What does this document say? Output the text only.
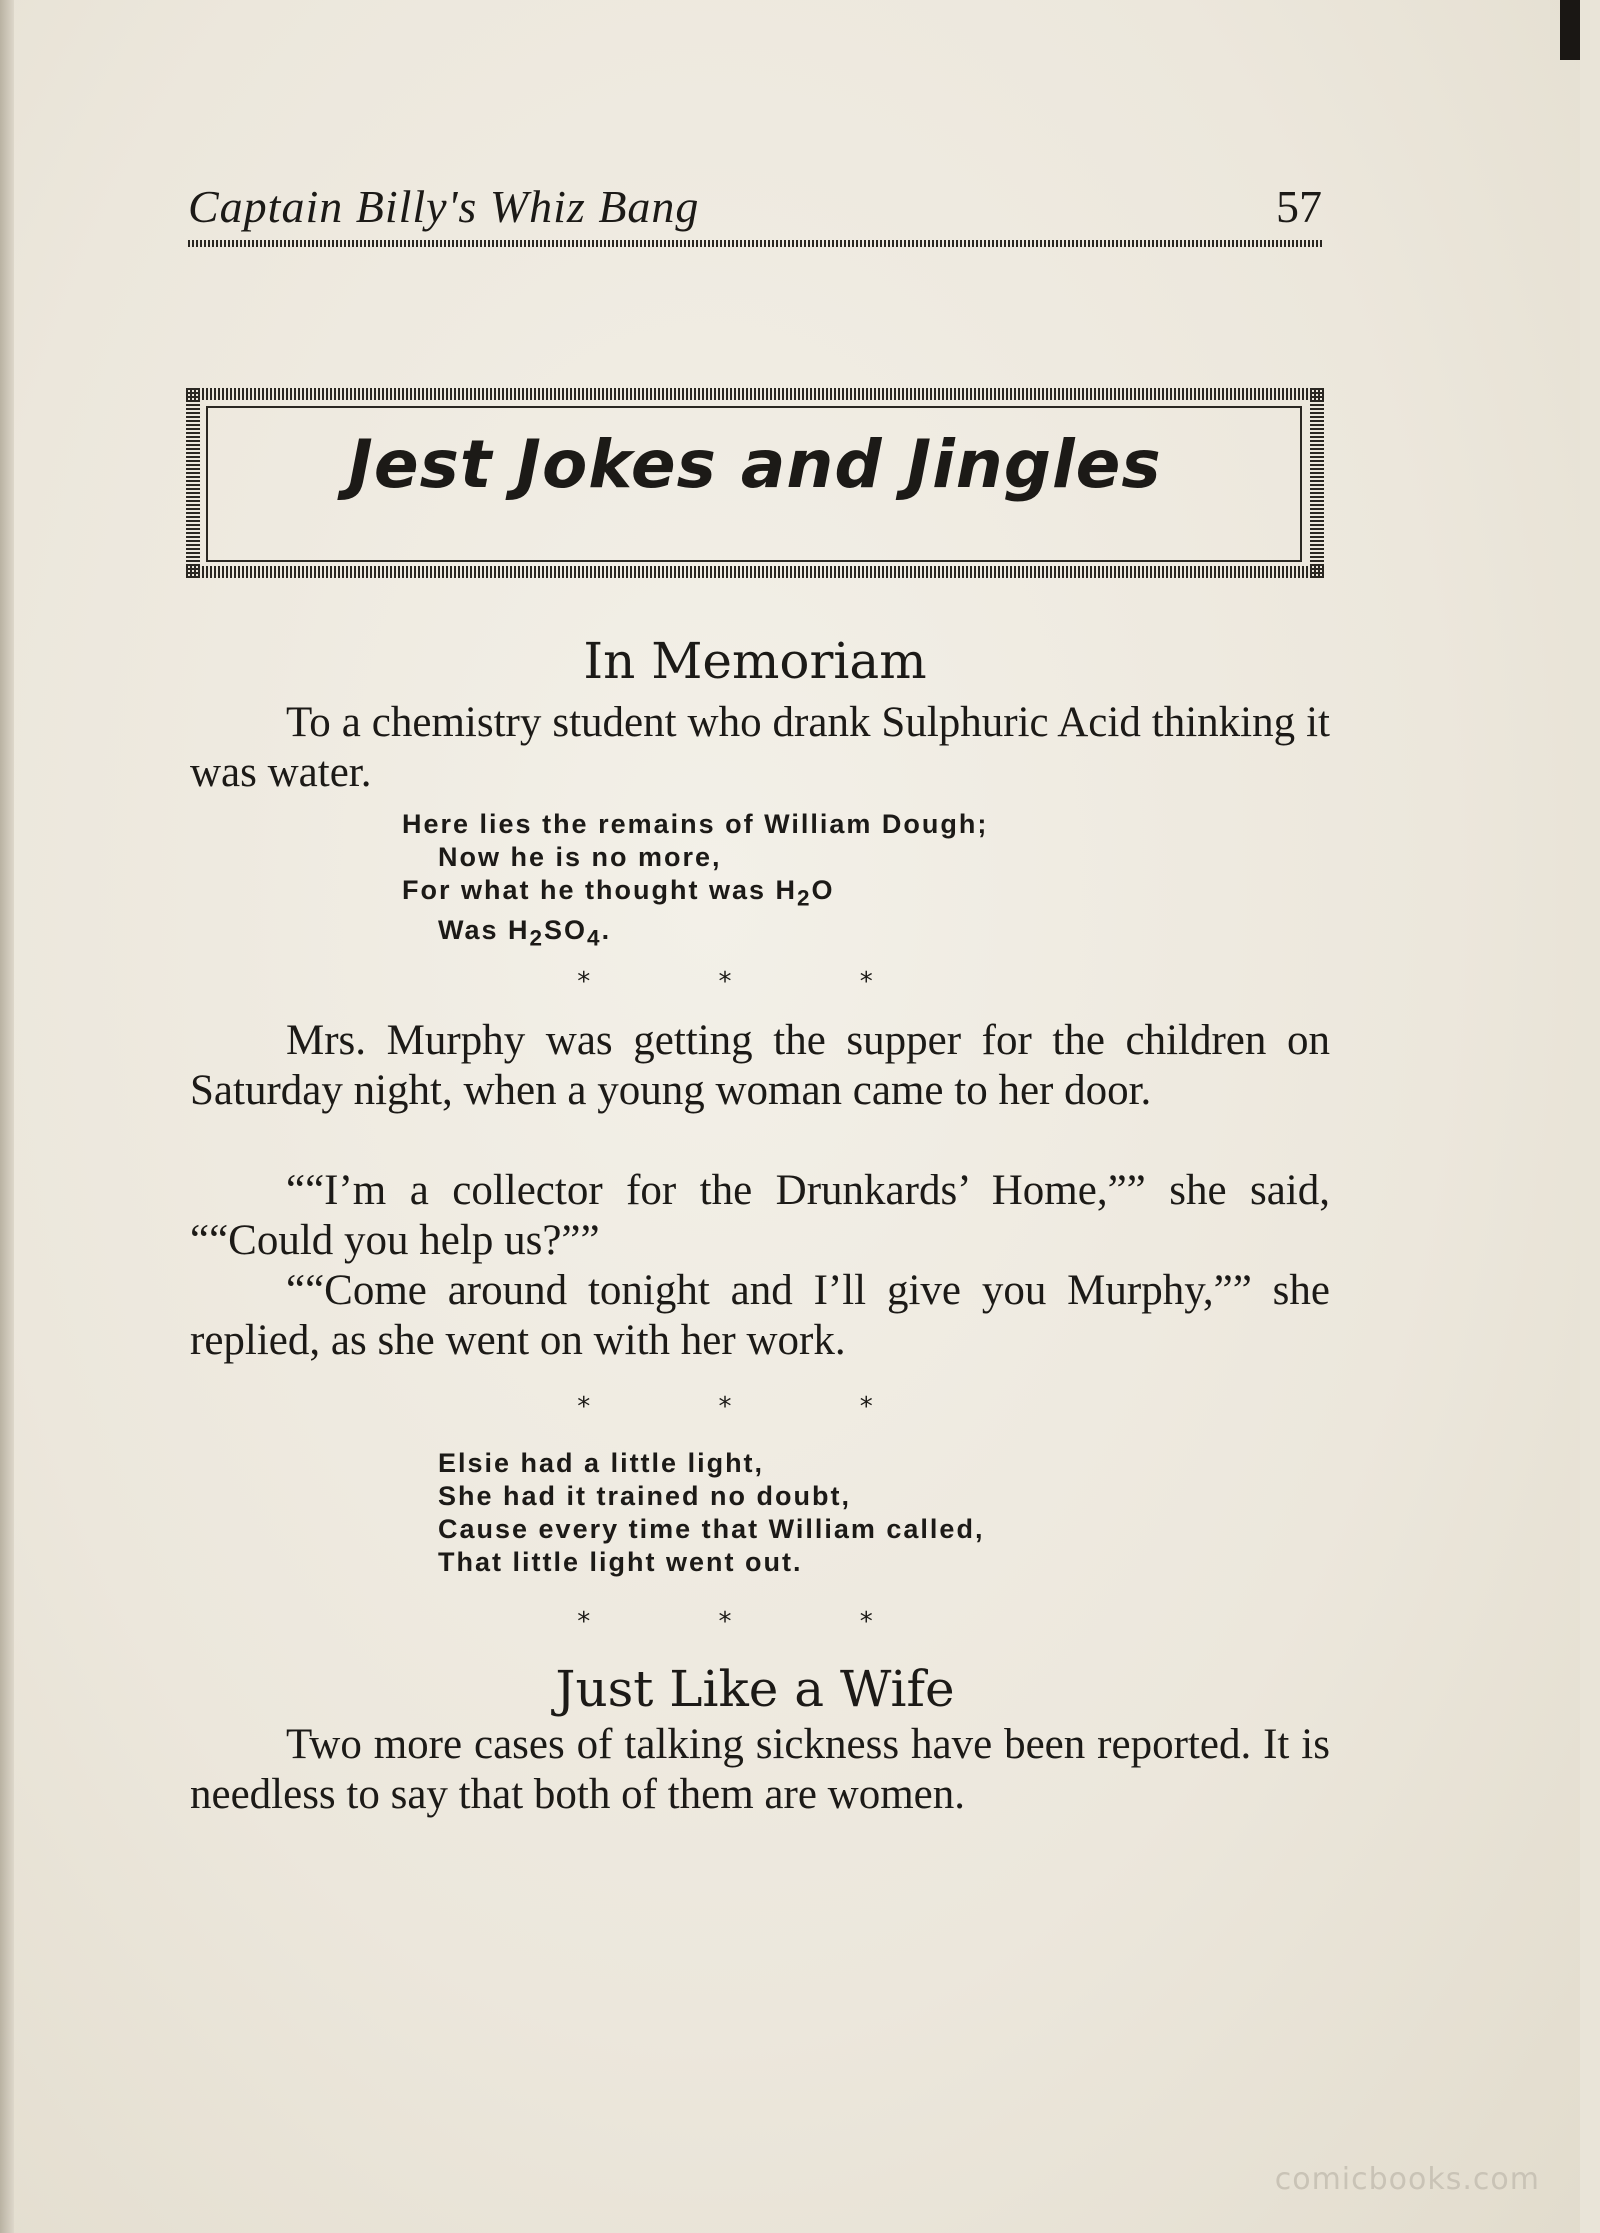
Captain Billy's Whiz Bang	57
Jest Jokes and Jingles
In Memoriam

To a chemistry student who drank Sulphuric Acid thinking it was water.

Here lies the remains of William Dough;
Now he is no more,
For what he thought was $H_2O$
Was $H_2SO_4$.
* * *

Mrs. Murphy was getting the supper for the children on Saturday night, when a young woman came to her door.

““I’m a collector for the Drunkards’ Home,”” she said, ““Could you help us?””

““Come around tonight and I’ll give you Murphy,”” she replied, as she went on with her work.

* * *
Elsie had a little light,
She had it trained no doubt,
Cause every time that William called,
That little light went out.
* * *
Just Like a Wife

Two more cases of talking sickness have been reported. It is needless to say that both of them are women.

comicbooks.com
